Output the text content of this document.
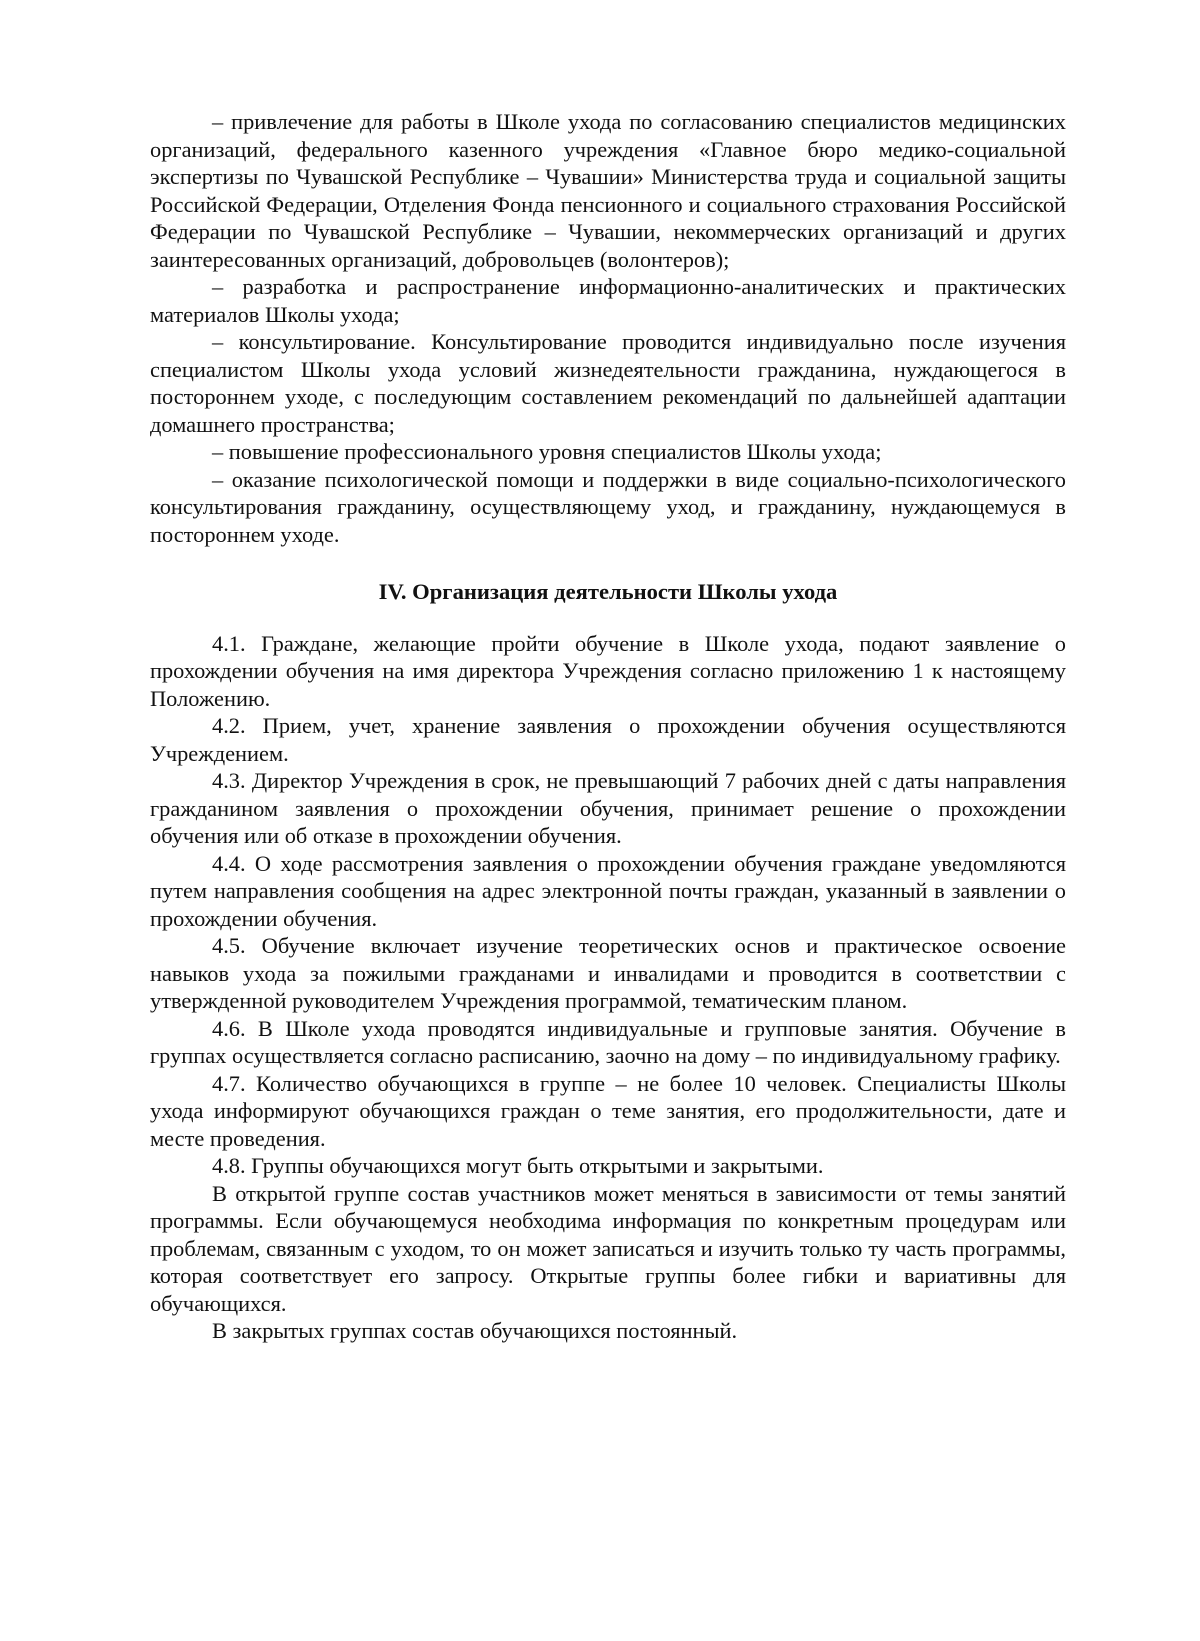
– привлечение для работы в Школе ухода по согласованию специалистов медицинских организаций, федерального казенного учреждения «Главное бюро медико-социальной экспертизы по Чувашской Республике – Чувашии» Министерства труда и социальной защиты Российской Федерации, Отделения Фонда пенсионного и социального страхования Российской Федерации по Чувашской Республике – Чувашии, некоммерческих организаций и других заинтересованных организаций, добровольцев (волонтеров);

– разработка и распространение информационно-аналитических и практических материалов Школы ухода;

– консультирование. Консультирование проводится индивидуально после изучения специалистом Школы ухода условий жизнедеятельности гражданина, нуждающегося в постороннем уходе, с последующим составлением рекомендаций по дальнейшей адаптации домашнего пространства;

– повышение профессионального уровня специалистов Школы ухода;

– оказание психологической помощи и поддержки в виде социально-психологического консультирования гражданину, осуществляющему уход, и гражданину, нуждающемуся в постороннем уходе.

IV. Организация деятельности Школы ухода

4.1. Граждане, желающие пройти обучение в Школе ухода, подают заявление о прохождении обучения на имя директора Учреждения согласно приложению 1 к настоящему Положению.

4.2. Прием, учет, хранение заявления о прохождении обучения осуществляются Учреждением.

4.3. Директор Учреждения в срок, не превышающий 7 рабочих дней с даты направления гражданином заявления о прохождении обучения, принимает решение о прохождении обучения или об отказе в прохождении обучения.

4.4. О ходе рассмотрения заявления о прохождении обучения граждане уведомляются путем направления сообщения на адрес электронной почты граждан, указанный в заявлении о прохождении обучения.

4.5. Обучение включает изучение теоретических основ и практическое освоение навыков ухода за пожилыми гражданами и инвалидами и проводится в соответствии с утвержденной руководителем Учреждения программой, тематическим планом.

4.6. В Школе ухода проводятся индивидуальные и групповые занятия. Обучение в группах осуществляется согласно расписанию, заочно на дому – по индивидуальному графику.

4.7. Количество обучающихся в группе – не более 10 человек. Специалисты Школы ухода информируют обучающихся граждан о теме занятия, его продолжительности, дате и месте проведения.

4.8. Группы обучающихся могут быть открытыми и закрытыми.

В открытой группе состав участников может меняться в зависимости от темы занятий программы. Если обучающемуся необходима информация по конкретным процедурам или проблемам, связанным с уходом, то он может записаться и изучить только ту часть программы, которая соответствует его запросу. Открытые группы более гибки и вариативны для обучающихся.

В закрытых группах состав обучающихся постоянный.
